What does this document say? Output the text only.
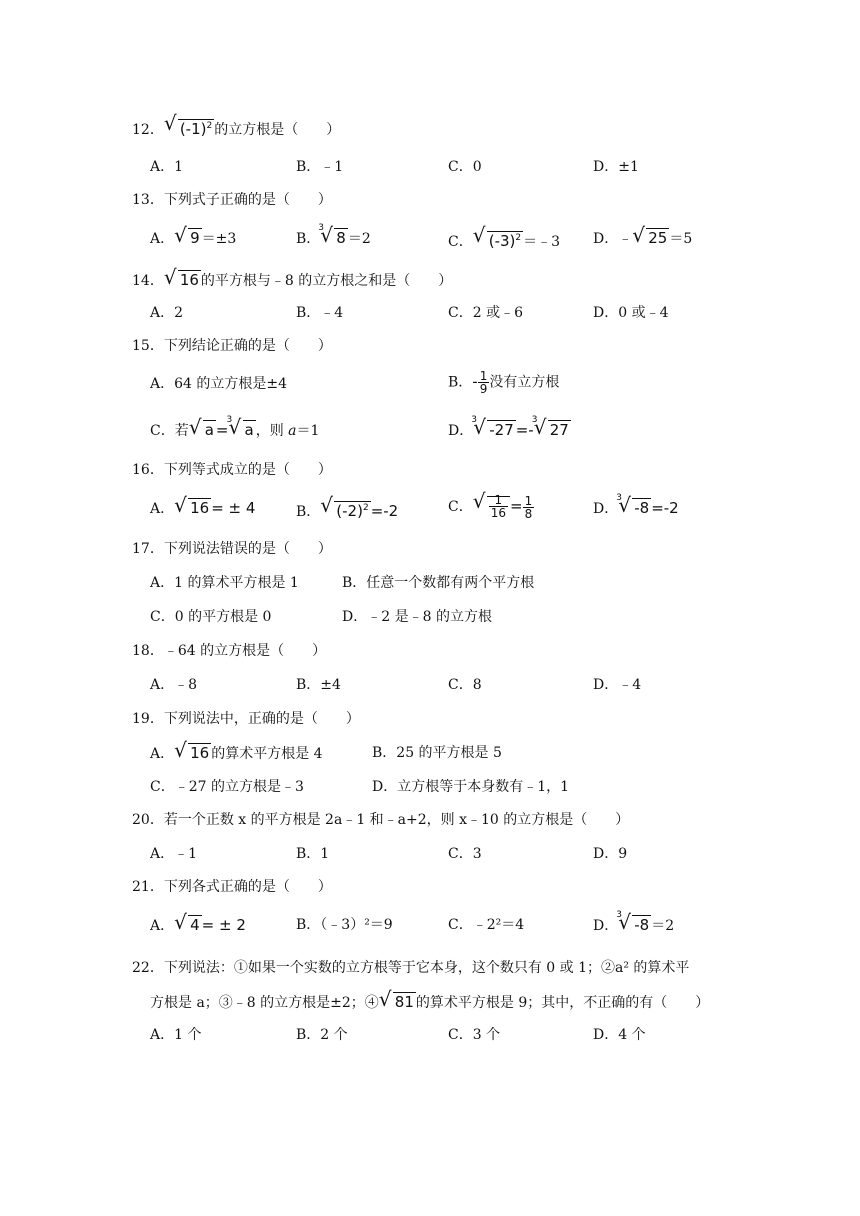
12． √ $(-1)^2$ 的立方根是（　　）
A．1	B．﹣1	C．0	D．±1
13．下列式子正确的是（　　）
A． √ 9 ＝±3	B．
√ 3
8 ＝2	C． √ $(-3)^2$ ＝﹣3 D．﹣ √ 25 ＝5
14． √ 16 的平方根与﹣8 的立方根之和是（　　）
A．2	B．﹣4	C．2 或﹣6	D．0 或﹣4
15．下列结论正确的是（　　）
A．64 的立方根是±4	B．- $\frac{1}{9}$ 没有立方根
C．若 √ a =
√ 3
a ，则 a＝1	D．
√ 3
-27 =-
√ 3
27
16．下列等式成立的是（　　）
A． √ 16 = ± 4	B． √ $(-2)^2 =-2$	C． √ $\frac{1}{16} = \frac{1}{8}$	D．
√ 3
-8 =-2
17．下列说法错误的是（　　）
A．1 的算术平方根是 1	B．任意一个数都有两个平方根
C．0 的平方根是 0	D．﹣2 是﹣8 的立方根
18．﹣64 的立方根是（　　）
A．﹣8	B．±4	C．8	D．﹣4
19．下列说法中，正确的是（　　）
A． √ 16 的算术平方根是 4	B．25 的平方根是 5
C．﹣27 的立方根是﹣3	D．立方根等于本身数有﹣1，1
20．若一个正数 x 的平方根是 2a﹣1 和﹣a+2，则 x﹣10 的立方根是（　　）
A．﹣1	B．1	C．3	D．9
21．下列各式正确的是（　　）
A． √ 4 = ± 2	B．（﹣3）²＝9	C．﹣2²＝4	D．
√ 3
-8 ＝2
22．下列说法：①如果一个实数的立方根等于它本身，这个数只有 0 或 1；②a² 的算术平
方根是 a；③﹣8 的立方根是±2；④ √ 81 的算术平方根是 9；其中，不正确的有（　　）
A．1 个	B．2 个	C．3 个	D．4 个
